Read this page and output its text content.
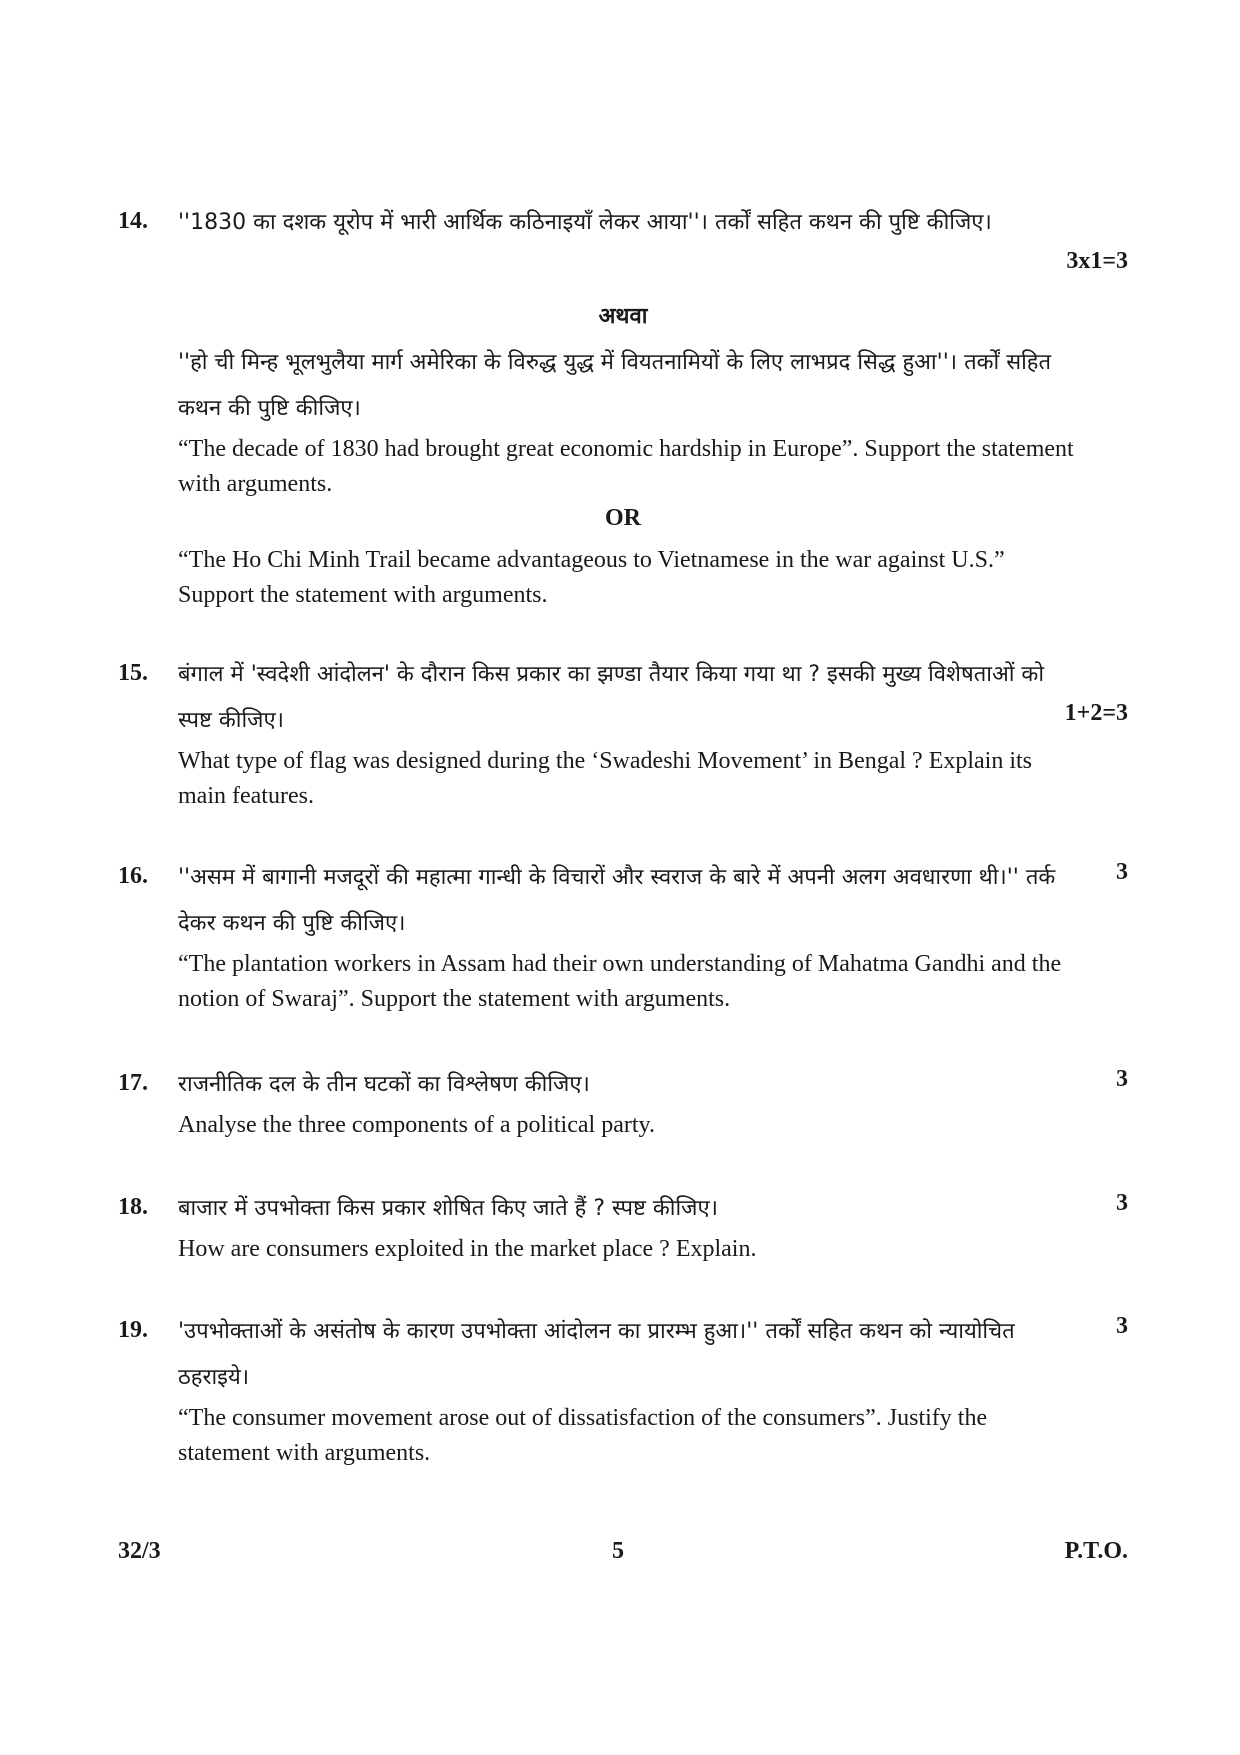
14.
3x1=3

''1830 का दशक यूरोप में भारी आर्थिक कठिनाइयाँ लेकर आया''। तर्कों सहित कथन की पुष्टि कीजिए।

अथवा

''हो ची मिन्ह भूलभुलैया मार्ग अमेरिका के विरुद्ध युद्ध में वियतनामियों के लिए लाभप्रद सिद्ध हुआ''। तर्कों सहित कथन की पुष्टि कीजिए।

“The decade of 1830 had brought great economic hardship in Europe”. Support the statement with arguments.

OR

“The Ho Chi Minh Trail became advantageous to Vietnamese in the war against U.S.” Support the statement with arguments.

15.
1+2=3

बंगाल में 'स्वदेशी आंदोलन' के दौरान किस प्रकार का झण्डा तैयार किया गया था ? इसकी मुख्य विशेषताओं को स्पष्ट कीजिए।

What type of flag was designed during the ‘Swadeshi Movement’ in Bengal ? Explain its main features.

16.	3

''असम में बागानी मजदूरों की महात्मा गान्धी के विचारों और स्वराज के बारे में अपनी अलग अवधारणा थी।'' तर्क देकर कथन की पुष्टि कीजिए।

“The plantation workers in Assam had their own understanding of Mahatma Gandhi and the notion of Swaraj”. Support the statement with arguments.

17.	3

राजनीतिक दल के तीन घटकों का विश्लेषण कीजिए।

Analyse the three components of a political party.

18.	3

बाजार में उपभोक्ता किस प्रकार शोषित किए जाते हैं ? स्पष्ट कीजिए।

How are consumers exploited in the market place ? Explain.

19.	3

'उपभोक्ताओं के असंतोष के कारण उपभोक्ता आंदोलन का प्रारम्भ हुआ।'' तर्कों सहित कथन को न्यायोचित ठहराइये।

“The consumer movement arose out of dissatisfaction of the consumers”. Justify the statement with arguments.

32/3	5	P.T.O.
